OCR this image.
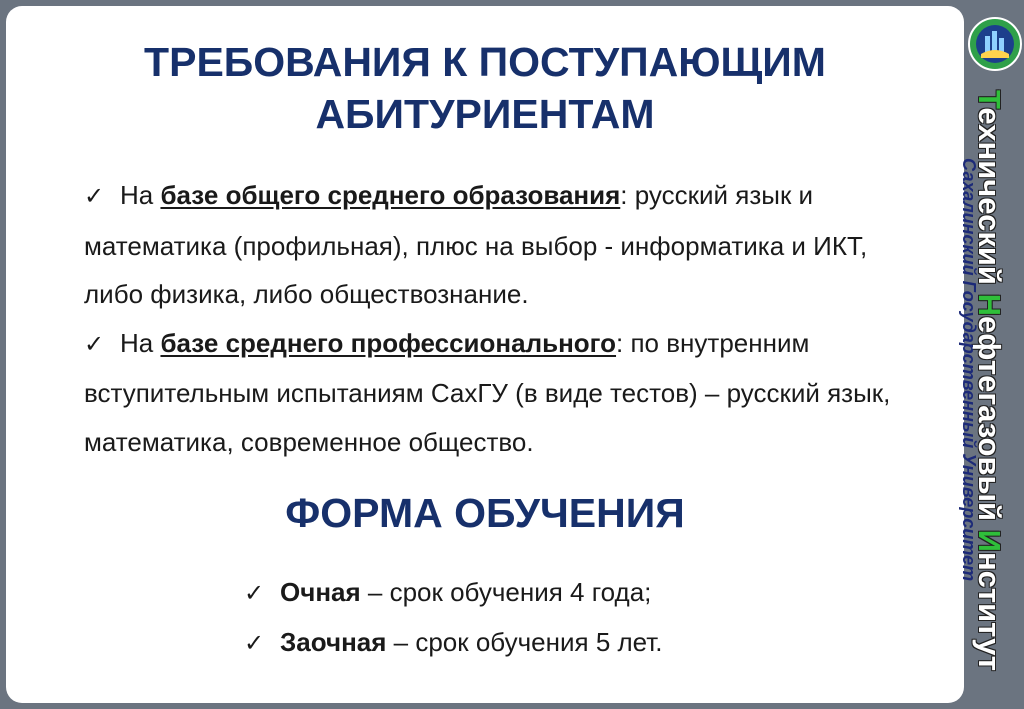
ТРЕБОВАНИЯ К ПОСТУПАЮЩИМ
АБИТУРИЕНТАМ

✓ На базе общего среднего образования: русский язык и математика (профильная), плюс на выбор - информатика и ИКТ, либо физика, либо обществознание.

✓ На базе среднего профессионального: по внутренним вступительным испытаниям СахГУ (в виде тестов) – русский язык, математика, современное общество.

ФОРМА ОБУЧЕНИЯ

✓ Очная – срок обучения 4 года;

✓ Заочная – срок обучения 5 лет.

Технический Нефтегазовый Институт
Сахалинский Государственный Университет
